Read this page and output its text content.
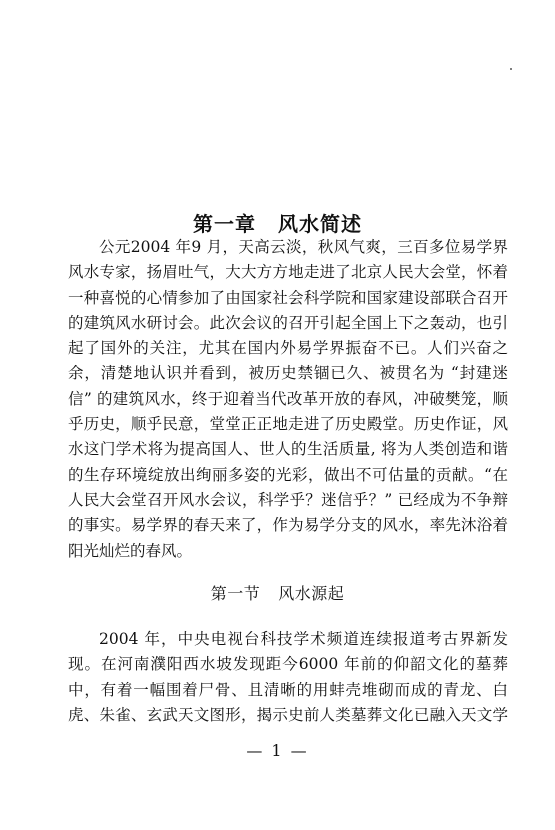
第一章 风水简述
公元2004 年9 月，天高云淡，秋风气爽，三百多位易学界
风水专家，扬眉吐气，大大方方地走进了北京人民大会堂，怀着
一种喜悦的心情参加了由国家社会科学院和国家建设部联合召开
的建筑风水研讨会。此次会议的召开引起全国上下之轰动，也引
起了国外的关注，尤其在国内外易学界振奋不已。人们兴奋之
余，清楚地认识并看到，被历史禁锢已久、被贯名为 “封建迷
信” 的建筑风水，终于迎着当代改革开放的春风，冲破樊笼，顺
乎历史，顺乎民意，堂堂正正地走进了历史殿堂。历史作证，风
水这门学术将为提高国人、世人的生活质量, 将为人类创造和谐
的生存环境绽放出绚丽多姿的光彩，做出不可估量的贡献。“在
人民大会堂召开风水会议，科学乎？迷信乎？” 已经成为不争辩
的事实。易学界的春天来了，作为易学分支的风水，率先沐浴着
阳光灿烂的春风。
第一节 风水源起
2004 年，中央电视台科技学术频道连续报道考古界新发
现。在河南濮阳西水坡发现距今6000 年前的仰韶文化的墓葬
中，有着一幅围着尸骨、且清晰的用蚌壳堆砌而成的青龙、白
虎、朱雀、玄武天文图形，揭示史前人类墓葬文化已融入天文学
— 1 —
